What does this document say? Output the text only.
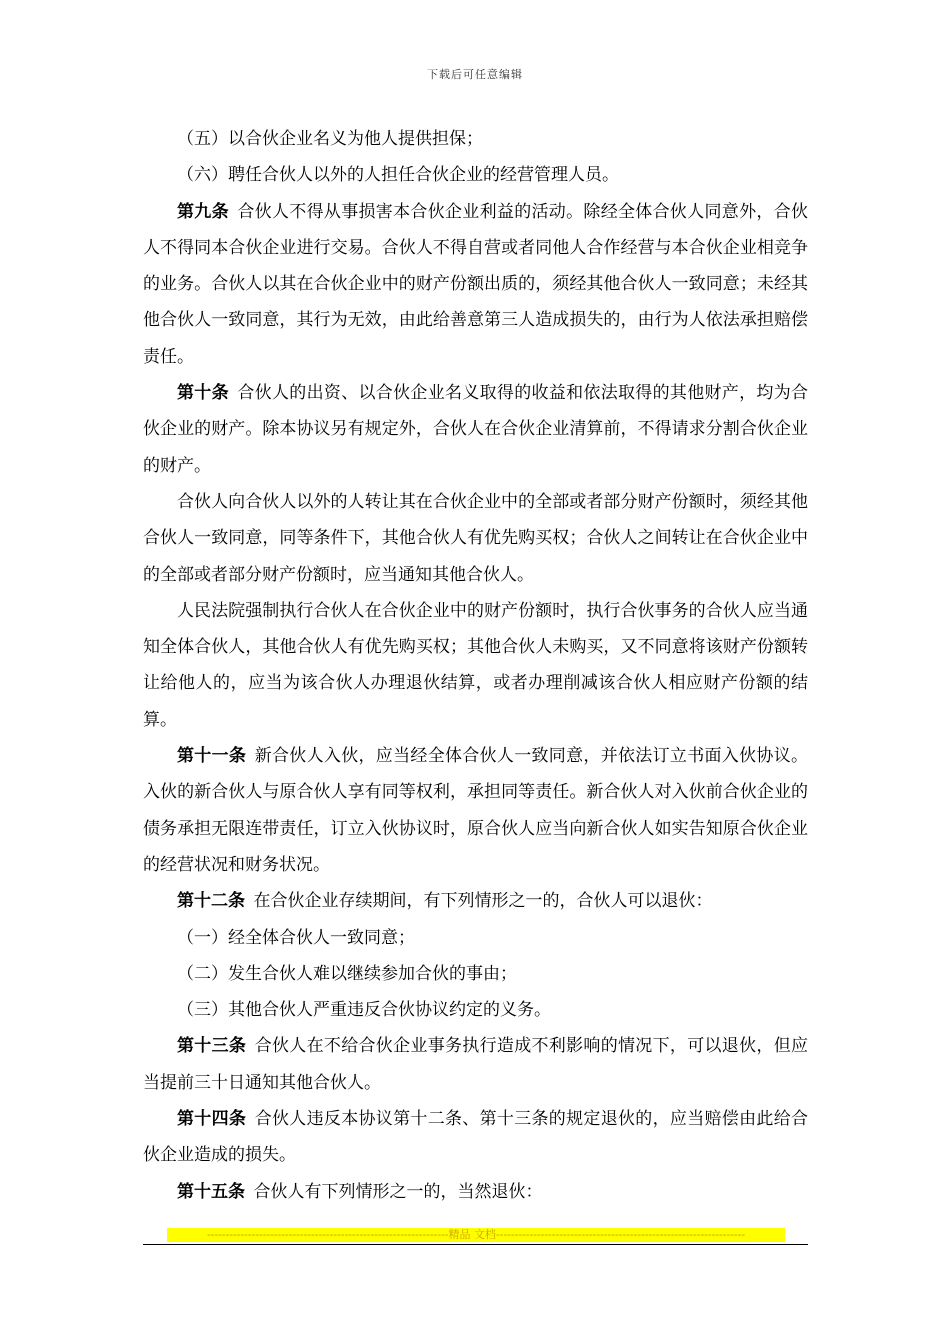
下载后可任意编辑

（五）以合伙企业名义为他人提供担保；

（六）聘任合伙人以外的人担任合伙企业的经营管理人员。

第九条 合伙人不得从事损害本合伙企业利益的活动。除经全体合伙人同意外，合伙人不得同本合伙企业进行交易。合伙人不得自营或者同他人合作经营与本合伙企业相竞争的业务。合伙人以其在合伙企业中的财产份额出质的，须经其他合伙人一致同意；未经其他合伙人一致同意，其行为无效，由此给善意第三人造成损失的，由行为人依法承担赔偿责任。

第十条 合伙人的出资、以合伙企业名义取得的收益和依法取得的其他财产，均为合伙企业的财产。除本协议另有规定外，合伙人在合伙企业清算前，不得请求分割合伙企业的财产。

合伙人向合伙人以外的人转让其在合伙企业中的全部或者部分财产份额时，须经其他合伙人一致同意，同等条件下，其他合伙人有优先购买权；合伙人之间转让在合伙企业中的全部或者部分财产份额时，应当通知其他合伙人。

人民法院强制执行合伙人在合伙企业中的财产份额时，执行合伙事务的合伙人应当通知全体合伙人，其他合伙人有优先购买权；其他合伙人未购买，又不同意将该财产份额转让给他人的，应当为该合伙人办理退伙结算，或者办理削减该合伙人相应财产份额的结算。

第十一条 新合伙人入伙，应当经全体合伙人一致同意，并依法订立书面入伙协议。入伙的新合伙人与原合伙人享有同等权利，承担同等责任。新合伙人对入伙前合伙企业的债务承担无限连带责任，订立入伙协议时，原合伙人应当向新合伙人如实告知原合伙企业的经营状况和财务状况。

第十二条 在合伙企业存续期间，有下列情形之一的，合伙人可以退伙：

（一）经全体合伙人一致同意；

（二）发生合伙人难以继续参加合伙的事由；

（三）其他合伙人严重违反合伙协议约定的义务。

第十三条 合伙人在不给合伙企业事务执行造成不利影响的情况下，可以退伙，但应当提前三十日通知其他合伙人。

第十四条 合伙人违反本协议第十二条、第十三条的规定退伙的，应当赔偿由此给合伙企业造成的损失。

第十五条 合伙人有下列情形之一的，当然退伙：

-----------------------------------------------------------------精品 文档-------------------------------------------------------------------
